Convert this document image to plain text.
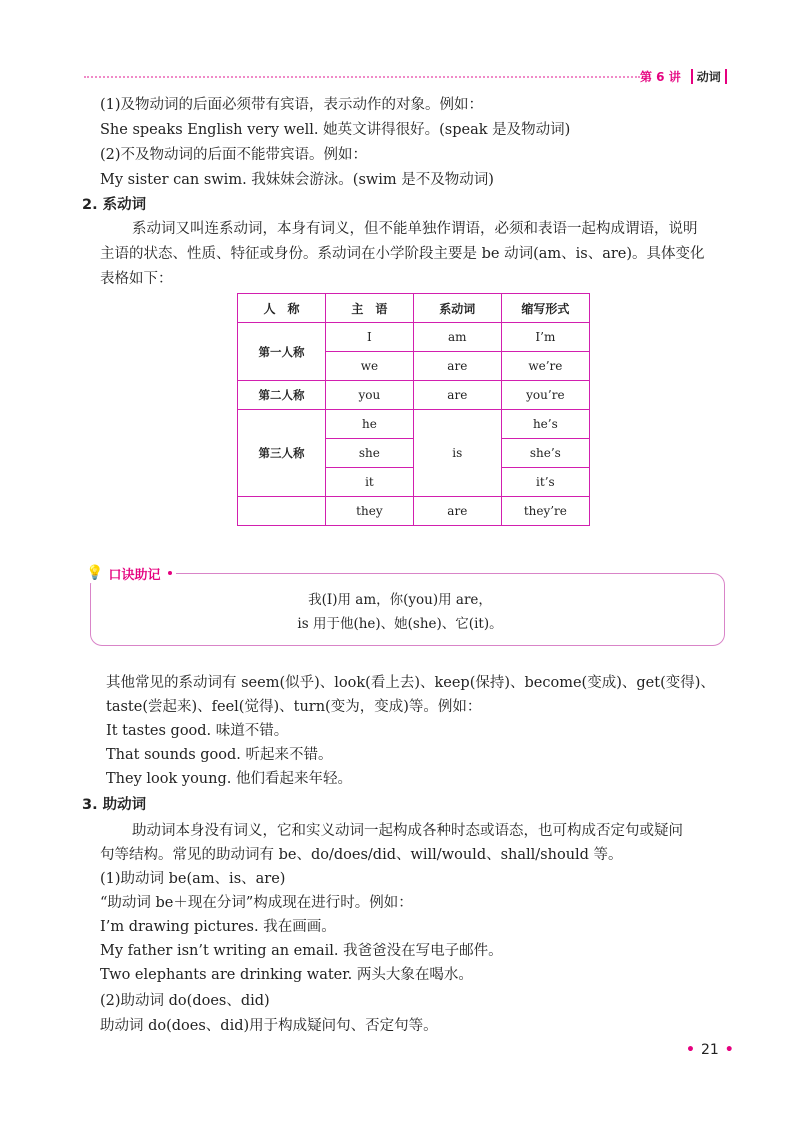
第 6 讲 动词
(1)及物动词的后面必须带有宾语，表示动作的对象。例如：
She speaks English very well. 她英文讲得很好。(speak 是及物动词)
(2)不及物动词的后面不能带宾语。例如：
My sister can swim. 我妹妹会游泳。(swim 是不及物动词)
2. 系动词
系动词又叫连系动词，本身有词义，但不能单独作谓语，必须和表语一起构成谓语，说明
主语的状态、性质、特征或身份。系动词在小学阶段主要是 be 动词(am、is、are)。具体变化
表格如下：
人　称	主　语	系动词	缩写形式
第一人称	I	am	I’m
	we	are	we’re
第二人称	you	are	you’re
第三人称	he	is	he’s
	she		she’s
	it		it’s
	they	are	they’re
💡 口诀助记
我(I)用 am，你(you)用 are，
is 用于他(he)、她(she)、它(it)。
其他常见的系动词有 seem(似乎)、look(看上去)、keep(保持)、become(变成)、get(变得)、
taste(尝起来)、feel(觉得)、turn(变为，变成)等。例如：
It tastes good. 味道不错。
That sounds good. 听起来不错。
They look young. 他们看起来年轻。
3. 助动词
助动词本身没有词义，它和实义动词一起构成各种时态或语态，也可构成否定句或疑问
句等结构。常见的助动词有 be、do/does/did、will/would、shall/should 等。
(1)助动词 be(am、is、are)
“助动词 be＋现在分词”构成现在进行时。例如：
I’m drawing pictures. 我在画画。
My father isn’t writing an email. 我爸爸没在写电子邮件。
Two elephants are drinking water. 两头大象在喝水。
(2)助动词 do(does、did)
助动词 do(does、did)用于构成疑问句、否定句等。
• 21 •
